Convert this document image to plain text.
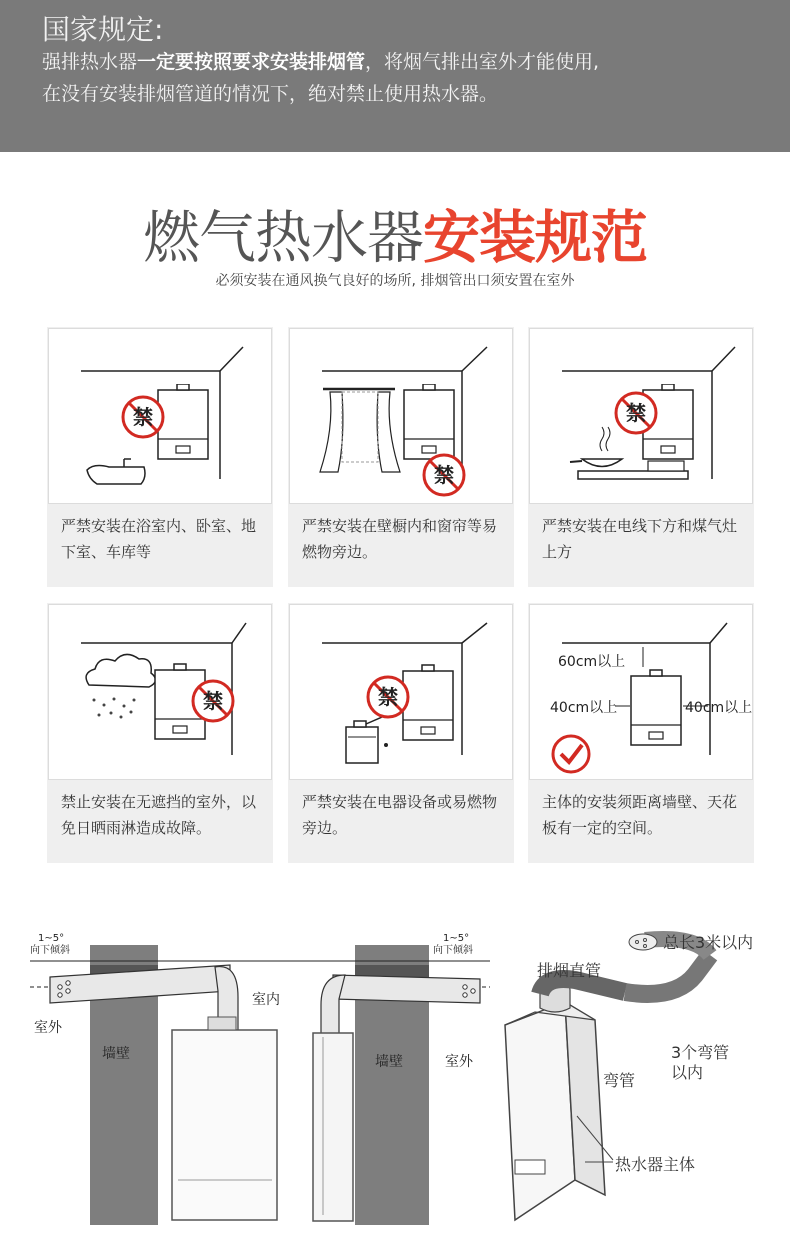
国家规定:
强排热水器一定要按照要求安装排烟管，将烟气排出室外才能使用,
在没有安装排烟管道的情况下，绝对禁止使用热水器。
燃气热水器安装规范
必须安装在通风换气良好的场所, 排烟管出口须安置在室外
禁
严禁安装在浴室内、卧室、地下室、车库等
禁
严禁安装在壁橱内和窗帘等易燃物旁边。
禁
严禁安装在电线下方和煤气灶上方
禁
禁止安装在无遮挡的室外，以免日晒雨淋造成故障。
禁
严禁安装在电器设备或易燃物旁边。
60cm以上
40cm以上	40cm以上
主体的安装须距离墙壁、天花板有一定的空间。
1~5°
向下倾斜
室内
室外
墙壁
1~5°
向下倾斜
墙壁	室外
排烟直管
总长3米以内
弯管
3个弯管
以内
热水器主体
